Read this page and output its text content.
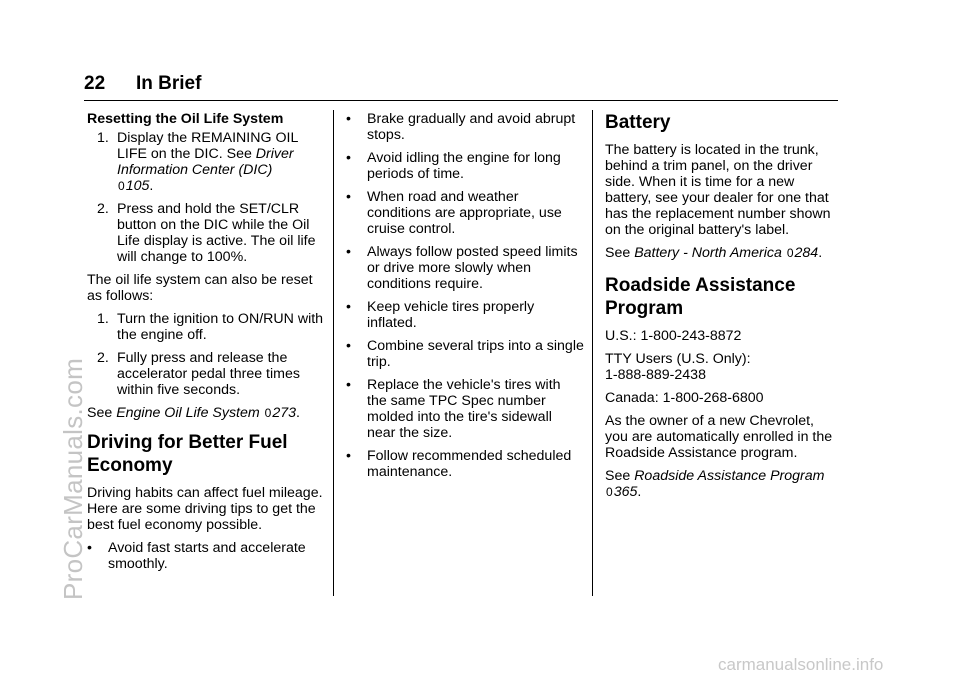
22 In Brief

Resetting the Oil Life System

1. Display the REMAINING OIL LIFE on the DIC. See Driver Information Center (DIC)
0105.
2. Press and hold the SET/CLR button on the DIC while the Oil Life display is active. The oil life will change to 100%.

The oil life system can also be reset as follows:

1. Turn the ignition to ON/RUN with the engine off.
2. Fully press and release the accelerator pedal three times within five seconds.

See Engine Oil Life System 0273.

Driving for Better Fuel Economy

Driving habits can affect fuel mileage. Here are some driving tips to get the best fuel economy possible.

• Avoid fast starts and accelerate smoothly.
• Brake gradually and avoid abrupt stops.
• Avoid idling the engine for long periods of time.
• When road and weather conditions are appropriate, use cruise control.
• Always follow posted speed limits or drive more slowly when conditions require.
• Keep vehicle tires properly inflated.
• Combine several trips into a single trip.
• Replace the vehicle's tires with the same TPC Spec number molded into the tire's sidewall near the size.
• Follow recommended scheduled maintenance.
Battery

The battery is located in the trunk, behind a trim panel, on the driver side. When it is time for a new battery, see your dealer for one that has the replacement number shown on the original battery's label.

See Battery - North America 0284.

Roadside Assistance Program

U.S.: 1-800-243-8872

TTY Users (U.S. Only):
1-888-889-2438

Canada: 1-800-268-6800

As the owner of a new Chevrolet, you are automatically enrolled in the Roadside Assistance program.

See Roadside Assistance Program
0365.

ProCarManuals.com
carmanualsonline.info
